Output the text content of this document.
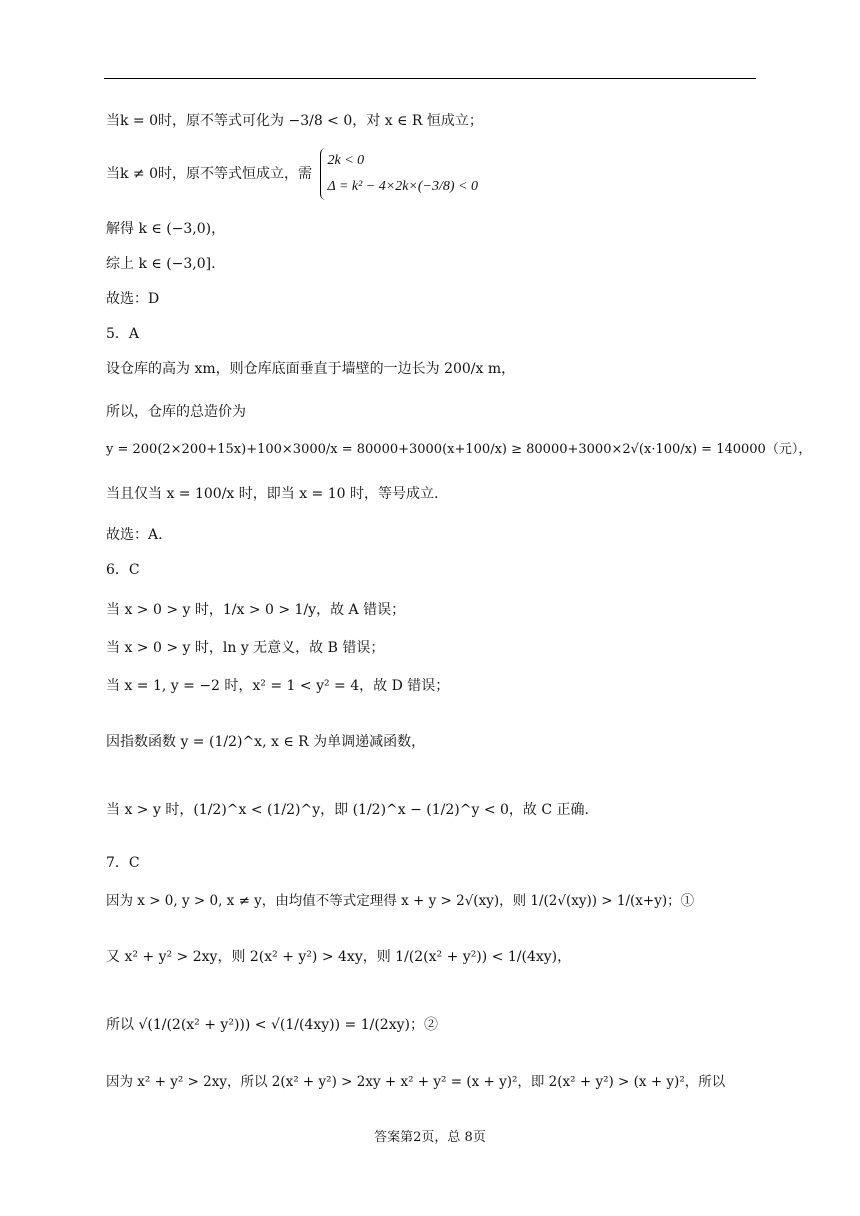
当k = 0时，原不等式可化为 −3/8 < 0，对 x ∈ R 恒成立；
当k ≠ 0时，原不等式恒成立，需
2k < 0
Δ = k² − 4×2k×(−3/8) < 0
解得 k ∈ (−3,0)，
综上 k ∈ (−3,0].
故选：D
5．A
设仓库的高为 xm，则仓库底面垂直于墙壁的一边长为 200/x m，
所以，仓库的总造价为
y = 200(2×200+15x)+100×3000/x = 80000+3000(x+100/x) ≥ 80000+3000×2√(x·100/x) = 140000（元），
当且仅当 x = 100/x 时，即当 x = 10 时，等号成立.
故选：A.
6．C
当 x > 0 > y 时，1/x > 0 > 1/y，故 A 错误；
当 x > 0 > y 时，ln y 无意义，故 B 错误；
当 x = 1, y = −2 时，x² = 1 < y² = 4，故 D 错误；
因指数函数 y = (1/2)^x, x ∈ R 为单调递减函数，
当 x > y 时，(1/2)^x < (1/2)^y，即 (1/2)^x − (1/2)^y < 0，故 C 正确.
7．C
因为 x > 0, y > 0, x ≠ y，由均值不等式定理得 x + y > 2√(xy)，则 1/(2√(xy)) > 1/(x+y)；①
又 x² + y² > 2xy，则 2(x² + y²) > 4xy，则 1/(2(x² + y²)) < 1/(4xy)，
所以 √(1/(2(x² + y²))) < √(1/(4xy)) = 1/(2xy)；②
因为 x² + y² > 2xy，所以 2(x² + y²) > 2xy + x² + y² = (x + y)²，即 2(x² + y²) > (x + y)²，所以
答案第2页，总 8页
